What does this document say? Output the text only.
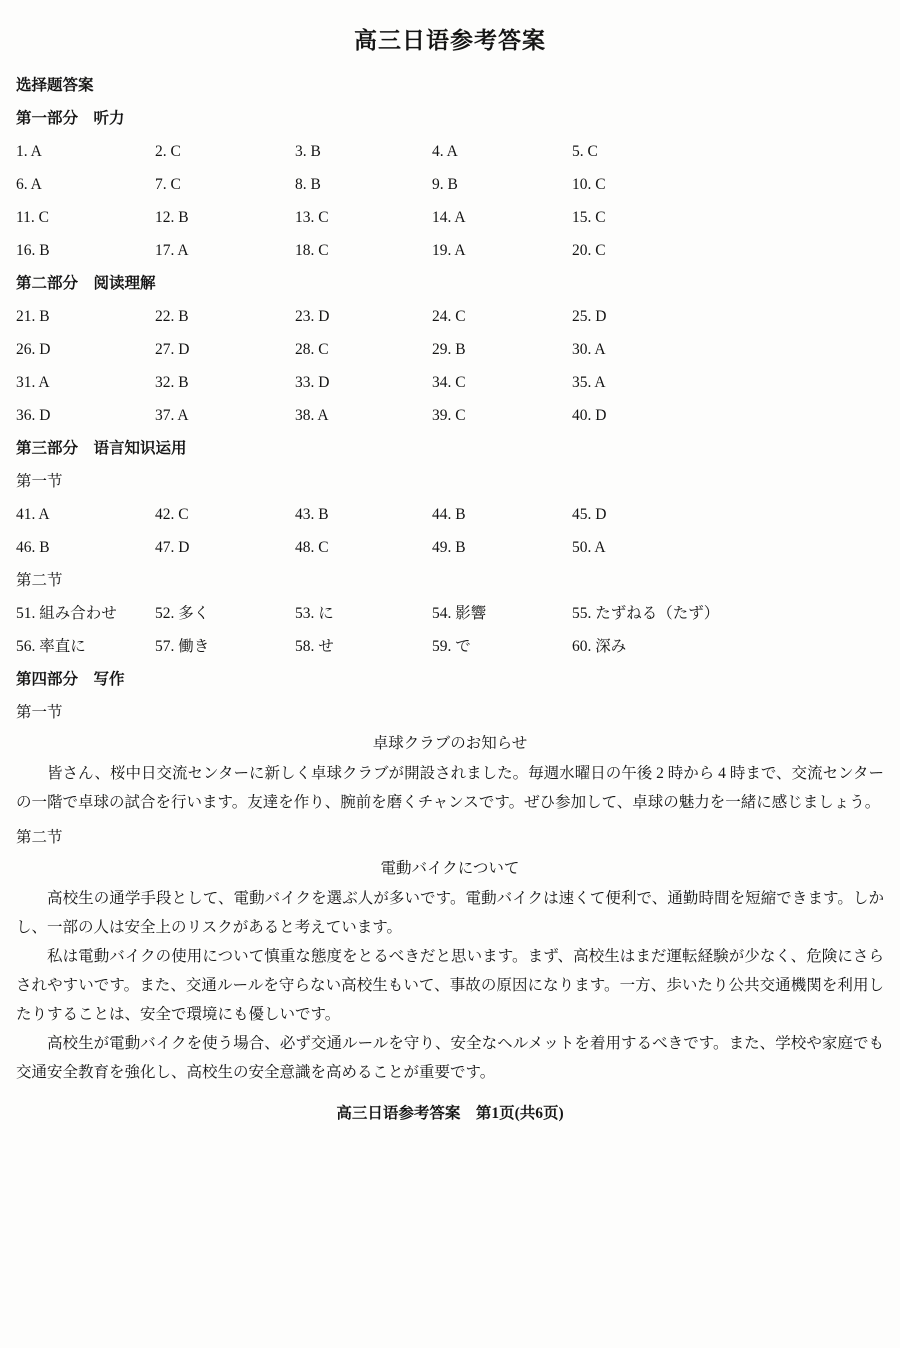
高三日语参考答案
选择题答案
第一部分　听力
1. A	2. C	3. B	4. A	5. C
6. A	7. C	8. B	9. B	10. C
11. C	12. B	13. C	14. A	15. C
16. B	17. A	18. C	19. A	20. C
第二部分　阅读理解
21. B	22. B	23. D	24. C	25. D
26. D	27. D	28. C	29. B	30. A
31. A	32. B	33. D	34. C	35. A
36. D	37. A	38. A	39. C	40. D
第三部分　语言知识运用
第一节
41. A	42. C	43. B	44. B	45. D
46. B	47. D	48. C	49. B	50. A
第二节
51. 組み合わせ	52. 多く	53. に	54. 影響	55. たずねる（たず）
56. 率直に	57. 働き	58. せ	59. で	60. 深み
第四部分　写作
第一节

卓球クラブのお知らせ

皆さん、桜中日交流センターに新しく卓球クラブが開設されました。毎週水曜日の午後 2 時から 4 時まで、交流センターの一階で卓球の試合を行います。友達を作り、腕前を磨くチャンスです。ぜひ参加して、卓球の魅力を一緒に感じましょう。

第二节

電動バイクについて

高校生の通学手段として、電動バイクを選ぶ人が多いです。電動バイクは速くて便利で、通勤時間を短縮できます。しかし、一部の人は安全上のリスクがあると考えています。

私は電動バイクの使用について慎重な態度をとるべきだと思います。まず、高校生はまだ運転経験が少なく、危険にさらされやすいです。また、交通ルールを守らない高校生もいて、事故の原因になります。一方、歩いたり公共交通機関を利用したりすることは、安全で環境にも優しいです。

高校生が電動バイクを使う場合、必ず交通ルールを守り、安全なヘルメットを着用するべきです。また、学校や家庭でも交通安全教育を強化し、高校生の安全意識を高めることが重要です。

高三日语参考答案　第1页(共6页)
